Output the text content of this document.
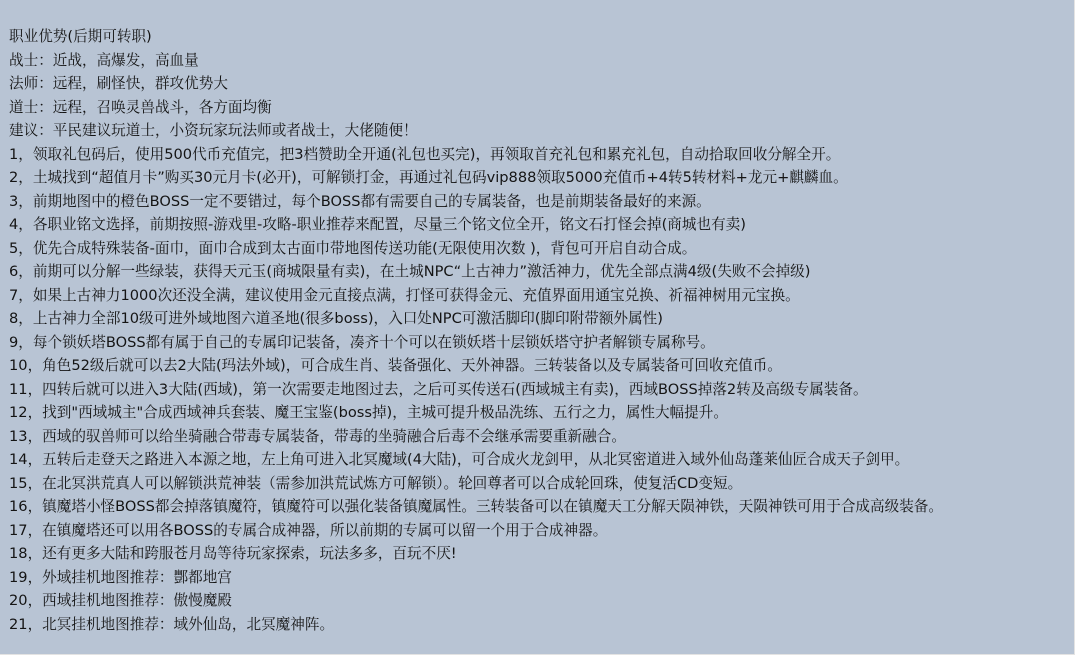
职业优势(后期可转职)
战士：近战，高爆发，高血量
法师：远程，刷怪快，群攻优势大
道士：远程，召唤灵兽战斗，各方面均衡
建议：平民建议玩道士，小资玩家玩法师或者战士，大佬随便！
1，领取礼包码后，使用500代币充值完，把3档赞助全开通(礼包也买完)，再领取首充礼包和累充礼包，自动拾取回收分解全开。
2，土城找到“超值月卡”购买30元月卡(必开)，可解锁打金，再通过礼包码vip888领取5000充值币+4转5转材料+龙元+麒麟血。
3，前期地图中的橙色BOSS一定不要错过，每个BOSS都有需要自己的专属装备，也是前期装备最好的来源。
4，各职业铭文选择，前期按照-游戏里-攻略-职业推荐来配置，尽量三个铭文位全开，铭文石打怪会掉(商城也有卖)
5，优先合成特殊装备-面巾，面巾合成到太古面巾带地图传送功能(无限使用次数 )，背包可开启自动合成。
6，前期可以分解一些绿装，获得天元玉(商城限量有卖)，在土城NPC“上古神力”激活神力，优先全部点满4级(失败不会掉级)
7，如果上古神力1000次还没全满，建议使用金元直接点满，打怪可获得金元、充值界面用通宝兑换、祈福神树用元宝换。
8，上古神力全部10级可进外域地图六道圣地(很多boss)，入口处NPC可激活脚印(脚印附带额外属性)
9，每个锁妖塔BOSS都有属于自己的专属印记装备，凑齐十个可以在锁妖塔十层锁妖塔守护者解锁专属称号。
10，角色52级后就可以去2大陆(玛法外域)，可合成生肖、装备强化、天外神器。三转装备以及专属装备可回收充值币。
11，四转后就可以进入3大陆(西域)，第一次需要走地图过去，之后可买传送石(西域城主有卖)，西域BOSS掉落2转及高级专属装备。
12，找到"西域城主"合成西域神兵套装、魔王宝鉴(boss掉)，主城可提升极品洗练、五行之力，属性大幅提升。
13，西域的驭兽师可以给坐骑融合带毒专属装备，带毒的坐骑融合后毒不会继承需要重新融合。
14，五转后走登天之路进入本源之地，左上角可进入北冥魔域(4大陆)，可合成火龙剑甲，从北冥密道进入域外仙岛蓬莱仙匠合成天子剑甲。
15，在北冥洪荒真人可以解锁洪荒神装（需参加洪荒试炼方可解锁）。轮回尊者可以合成轮回珠，使复活CD变短。
16，镇魔塔小怪BOSS都会掉落镇魔符，镇魔符可以强化装备镇魔属性。三转装备可以在镇魔天工分解天陨神铁，天陨神铁可用于合成高级装备。
17，在镇魔塔还可以用各BOSS的专属合成神器，所以前期的专属可以留一个用于合成神器。
18，还有更多大陆和跨服苍月岛等待玩家探索，玩法多多，百玩不厌!
19，外域挂机地图推荐：酆都地宫
20，西域挂机地图推荐：傲慢魔殿
21，北冥挂机地图推荐：域外仙岛，北冥魔神阵。
